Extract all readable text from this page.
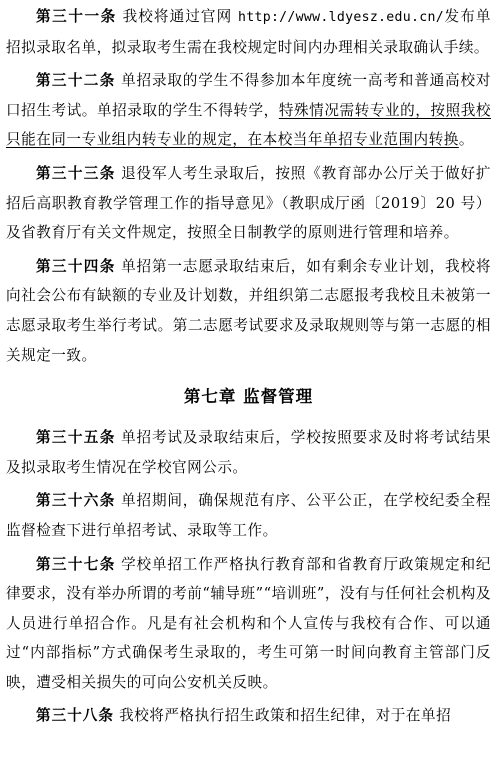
第三十一条 我校将通过官网 http://www.ldyesz.edu.cn/发布单招拟录取名单，拟录取考生需在我校规定时间内办理相关录取确认手续。

第三十二条 单招录取的学生不得参加本年度统一高考和普通高校对口招生考试。单招录取的学生不得转学，特殊情况需转专业的，按照我校只能在同一专业组内转专业的规定，在本校当年单招专业范围内转换。

第三十三条 退役军人考生录取后，按照《教育部办公厅关于做好扩招后高职教育教学管理工作的指导意见》（教职成厅函〔2019〕20 号）及省教育厅有关文件规定，按照全日制教学的原则进行管理和培养。

第三十四条 单招第一志愿录取结束后，如有剩余专业计划，我校将向社会公布有缺额的专业及计划数，并组织第二志愿报考我校且未被第一志愿录取考生举行考试。第二志愿考试要求及录取规则等与第一志愿的相关规定一致。

第七章 监督管理

第三十五条 单招考试及录取结束后，学校按照要求及时将考试结果及拟录取考生情况在学校官网公示。

第三十六条 单招期间，确保规范有序、公平公正，在学校纪委全程监督检查下进行单招考试、录取等工作。

第三十七条 学校单招工作严格执行教育部和省教育厅政策规定和纪律要求，没有举办所谓的考前“辅导班”“培训班”，没有与任何社会机构及人员进行单招合作。凡是有社会机构和个人宣传与我校有合作、可以通过“内部指标”方式确保考生录取的，考生可第一时间向教育主管部门反映，遭受相关损失的可向公安机关反映。

第三十八条 我校将严格执行招生政策和招生纪律，对于在单招
